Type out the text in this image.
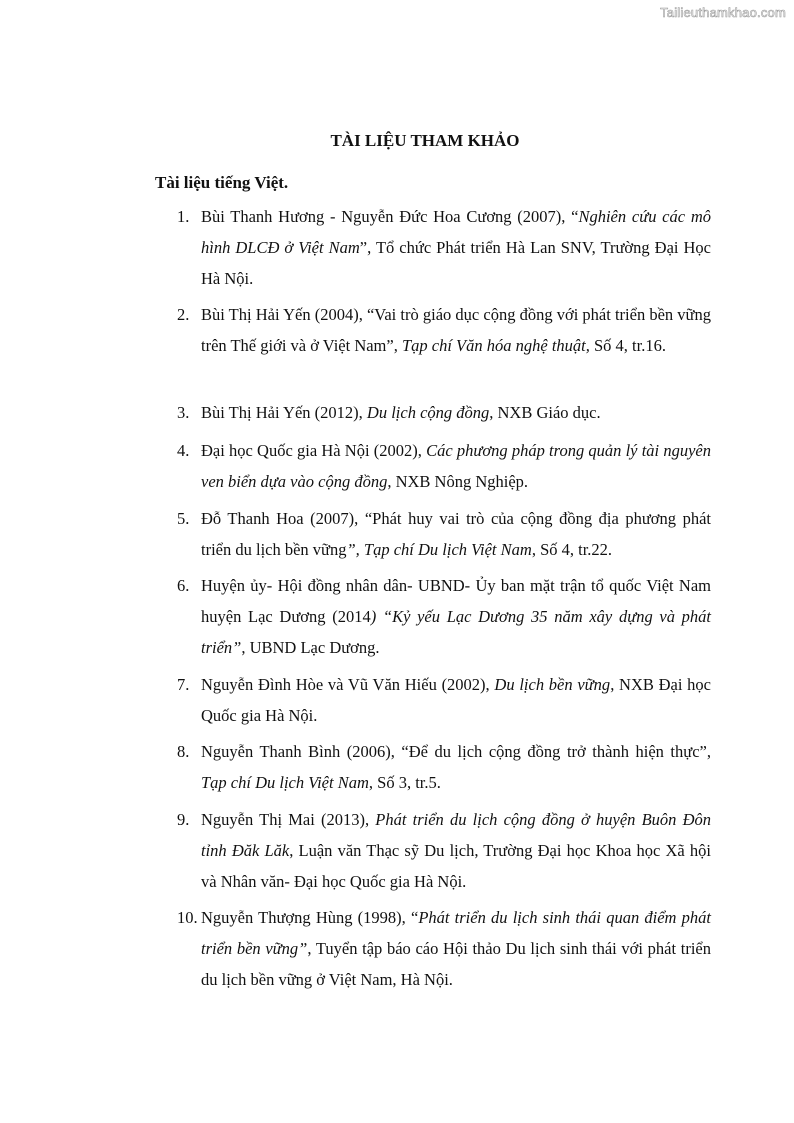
Tailieuthamkhao.com
TÀI LIỆU THAM KHẢO
Tài liệu tiếng Việt.
1. Bùi Thanh Hương - Nguyễn Đức Hoa Cương (2007), “Nghiên cứu các mô hình DLCĐ ở Việt Nam”, Tổ chức Phát triển Hà Lan SNV, Trường Đại Học Hà Nội.
2. Bùi Thị Hải Yến (2004), “Vai trò giáo dục cộng đồng với phát triển bền vững trên Thế giới và ở Việt Nam”, Tạp chí Văn hóa nghệ thuật, Số 4, tr.16.
3. Bùi Thị Hải Yến (2012), Du lịch cộng đồng, NXB Giáo dục.
4. Đại học Quốc gia Hà Nội (2002), Các phương pháp trong quản lý tài nguyên ven biển dựa vào cộng đồng, NXB Nông Nghiệp.
5. Đỗ Thanh Hoa (2007), “Phát huy vai trò của cộng đồng địa phương phát triển du lịch bền vững”, Tạp chí Du lịch Việt Nam, Số 4, tr.22.
6. Huyện ủy- Hội đồng nhân dân- UBND- Ủy ban mặt trận tổ quốc Việt Nam huyện Lạc Dương (2014) “Kỷ yếu Lạc Dương 35 năm xây dựng và phát triển”, UBND Lạc Dương.
7. Nguyễn Đình Hòe và Vũ Văn Hiếu (2002), Du lịch bền vững, NXB Đại học Quốc gia Hà Nội.
8. Nguyễn Thanh Bình (2006), “Để du lịch cộng đồng trở thành hiện thực”, Tạp chí Du lịch Việt Nam, Số 3, tr.5.
9. Nguyễn Thị Mai (2013), Phát triển du lịch cộng đồng ở huyện Buôn Đôn tỉnh Đăk Lăk, Luận văn Thạc sỹ Du lịch, Trường Đại học Khoa học Xã hội và Nhân văn- Đại học Quốc gia Hà Nội.
10. Nguyễn Thượng Hùng (1998), “Phát triển du lịch sinh thái quan điểm phát triển bền vững”, Tuyển tập báo cáo Hội thảo Du lịch sinh thái với phát triển du lịch bền vững ở Việt Nam, Hà Nội.
